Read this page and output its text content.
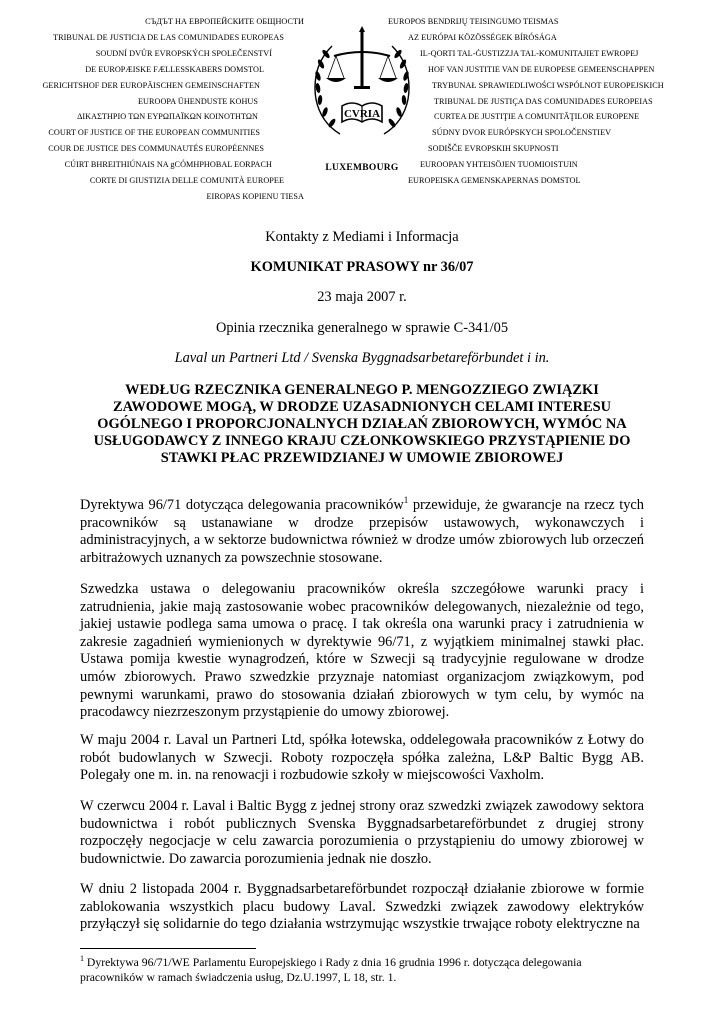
СЪДЪТ НА ЕВРОПЕЙСКИТЕ ОБЩНОСТИ
TRIBUNAL DE JUSTICIA DE LAS COMUNIDADES EUROPEAS
SOUDNÍ DVŮR EVROPSKÝCH SPOLEČENSTVÍ
DE EUROPÆISKE FÆLLESSKABERS DOMSTOL
GERICHTSHOF DER EUROPÄISCHEN GEMEINSCHAFTEN
EUROOPA ÜHENDUSTE KOHUS
ΔΙΚΑΣΤΗΡΙΟ ΤΩΝ ΕΥΡΩΠΑΪΚΩΝ ΚΟΙΝΟΤΗΤΩΝ
COURT OF JUSTICE OF THE EUROPEAN COMMUNITIES
COUR DE JUSTICE DES COMMUNAUTÉS EUROPÉENNES
CÚIRT BHREITHIÚNAIS NA gCÓMHPHOBAL EORPACH
CORTE DI GIUSTIZIA DELLE COMUNITÀ EUROPEE
EIROPAS KOPIENU TIESA
CVRIA
LUXEMBOURG
EUROPOS BENDRIJŲ TEISINGUMO TEISMAS
AZ EURÓPAI KÖZÖSSÉGEK BÍRÓSÁGA
IL-QORTI TAL-ĠUSTIZZJA TAL-KOMUNITAJIET EWROPEJ
HOF VAN JUSTITIE VAN DE EUROPESE GEMEENSCHAPPEN
TRYBUNAŁ SPRAWIEDLIWOŚCI WSPÓLNOT EUROPEJSKICH
TRIBUNAL DE JUSTIÇA DAS COMUNIDADES EUROPEIAS
CURTEA DE JUSTIŢIE A COMUNITĂŢILOR EUROPENE
SÚDNY DVOR EURÓPSKYCH SPOLOČENSTIEV
SODIŠČE EVROPSKIH SKUPNOSTI
EUROOPAN YHTEISÖJEN TUOMIOISTUIN
EUROPEISKA GEMENSKAPERNAS DOMSTOL
Kontakty z Mediami i Informacja
KOMUNIKAT PRASOWY nr 36/07
23 maja 2007 r.
Opinia rzecznika generalnego w sprawie C-341/05
Laval un Partneri Ltd / Svenska Byggnadsarbetareförbundet i in.
WEDŁUG RZECZNIKA GENERALNEGO P. MENGOZZIEGO ZWIĄZKI ZAWODOWE MOGĄ, W DRODZE UZASADNIONYCH CELAMI INTERESU OGÓLNEGO I PROPORCJONALNYCH DZIAŁAŃ ZBIOROWYCH, WYMÓC NA USŁUGODAWCY Z INNEGO KRAJU CZŁONKOWSKIEGO PRZYSTĄPIENIE DO STAWKI PŁAC PRZEWIDZIANEJ W UMOWIE ZBIOROWEJ

Dyrektywa 96/71 dotycząca delegowania pracowników$^1$ przewiduje, że gwarancje na rzecz tych pracowników są ustanawiane w drodze przepisów ustawowych, wykonawczych i administracyjnych, a w sektorze budownictwa również w drodze umów zbiorowych lub orzeczeń arbitrażowych uznanych za powszechnie stosowane.

Szwedzka ustawa o delegowaniu pracowników określa szczegółowe warunki pracy i zatrudnienia, jakie mają zastosowanie wobec pracowników delegowanych, niezależnie od tego, jakiej ustawie podlega sama umowa o pracę. I tak określa ona warunki pracy i zatrudnienia w zakresie zagadnień wymienionych w dyrektywie 96/71, z wyjątkiem minimalnej stawki płac. Ustawa pomija kwestie wynagrodzeń, które w Szwecji są tradycyjnie regulowane w drodze umów zbiorowych. Prawo szwedzkie przyznaje natomiast organizacjom związkowym, pod pewnymi warunkami, prawo do stosowania działań zbiorowych w tym celu, by wymóc na pracodawcy niezrzeszonym przystąpienie do umowy zbiorowej.

W maju 2004 r. Laval un Partneri Ltd, spółka łotewska, oddelegowała pracowników z Łotwy do robót budowlanych w Szwecji. Roboty rozpoczęła spółka zależna, L&P Baltic Bygg AB. Polegały one m. in. na renowacji i rozbudowie szkoły w miejscowości Vaxholm.

W czerwcu 2004 r. Laval i Baltic Bygg z jednej strony oraz szwedzki związek zawodowy sektora budownictwa i robót publicznych Svenska Byggnadsarbetareförbundet z drugiej strony rozpoczęły negocjacje w celu zawarcia porozumienia o przystąpieniu do umowy zbiorowej w budownictwie. Do zawarcia porozumienia jednak nie doszło.

W dniu 2 listopada 2004 r. Byggnadsarbetareförbundet rozpoczął działanie zbiorowe w formie zablokowania wszystkich placu budowy Laval. Szwedzki związek zawodowy elektryków przyłączył się solidarnie do tego działania wstrzymując wszystkie trwające roboty elektryczne na

$^1$ Dyrektywa 96/71/WE Parlamentu Europejskiego i Rady z dnia 16 grudnia 1996 r. dotycząca delegowania pracowników w ramach świadczenia usług, Dz.U.1997, L 18, str. 1.
